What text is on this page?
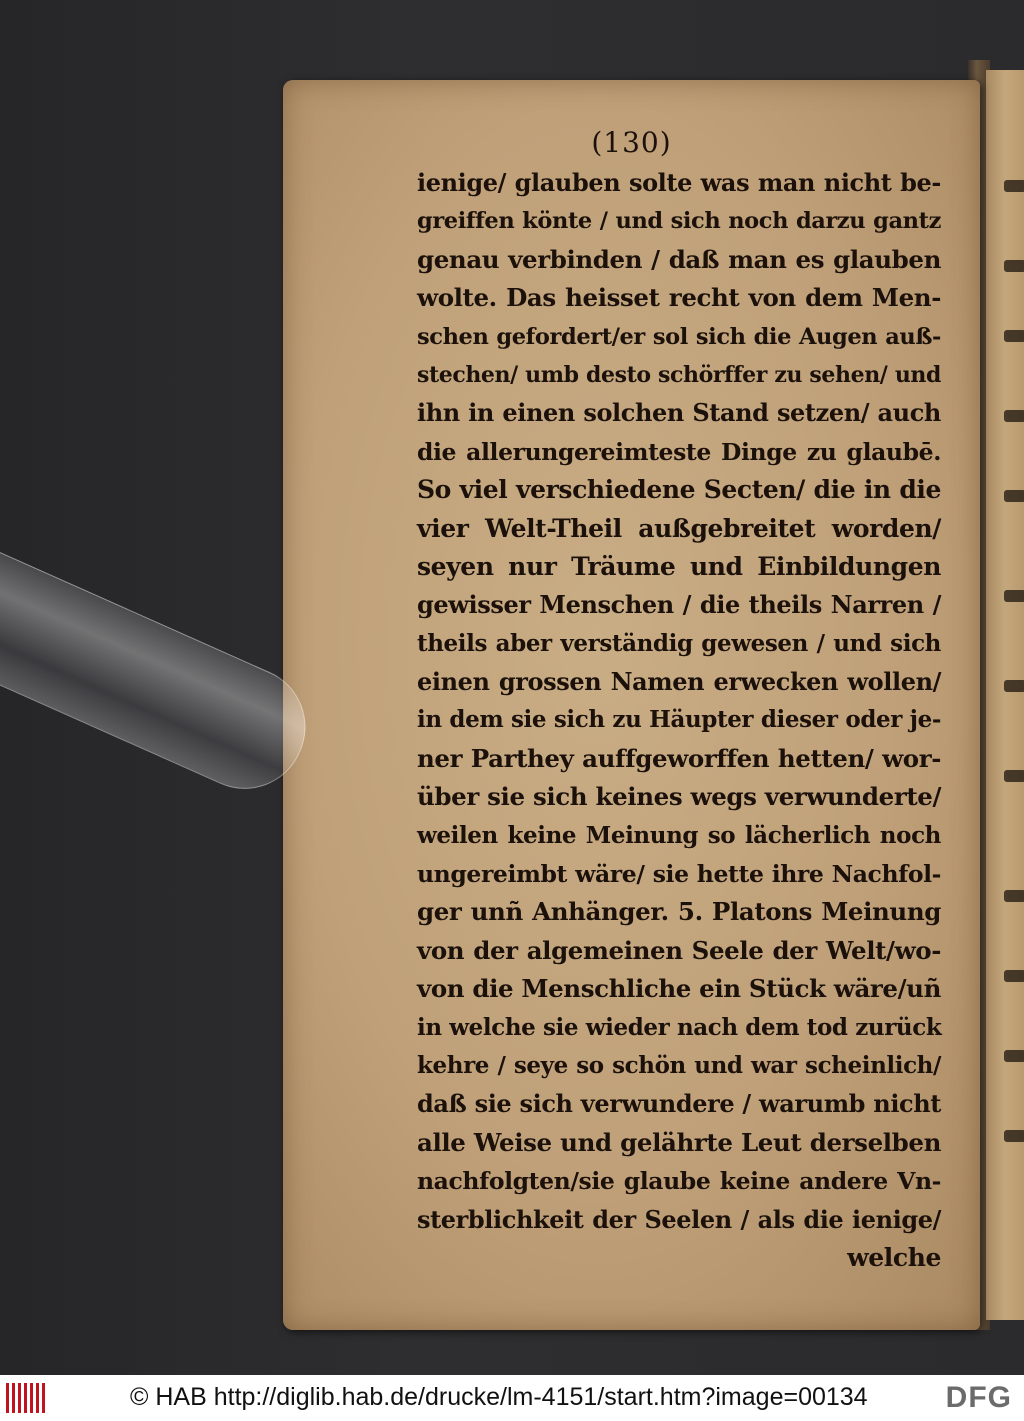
(130)
ienige/ glauben solte was man nicht be-
greiffen könte / und sich noch darzu gantz
genau verbinden / daß man es glauben
wolte. Das heisset recht von dem Men-
schen gefordert/er sol sich die Augen auß-
stechen/ umb desto schörffer zu sehen/ und
ihn in einen solchen Stand setzen/ auch
die allerungereimteste Dinge zu glaubē.
So viel verschiedene Secten/ die in die
vier Welt-Theil außgebreitet worden/
seyen nur Träume und Einbildungen
gewisser Menschen / die theils Narren /
theils aber verständig gewesen / und sich
einen grossen Namen erwecken wollen/
in dem sie sich zu Häupter dieser oder je-
ner Parthey auffgeworffen hetten/ wor-
über sie sich keines wegs verwunderte/
weilen keine Meinung so lächerlich noch
ungereimbt wäre/ sie hette ihre Nachfol-
ger unñ Anhänger. 5. Platons Meinung
von der algemeinen Seele der Welt/wo-
von die Menschliche ein Stück wäre/uñ
in welche sie wieder nach dem tod zurück
kehre / seye so schön und war scheinlich/
daß sie sich verwundere / warumb nicht
alle Weise und gelährte Leut derselben
nachfolgten/sie glaube keine andere Vn-
sterblichkeit der Seelen / als die ienige/
welche
© HAB http://diglib.hab.de/drucke/lm-4151/start.htm?image=00134	DFG
